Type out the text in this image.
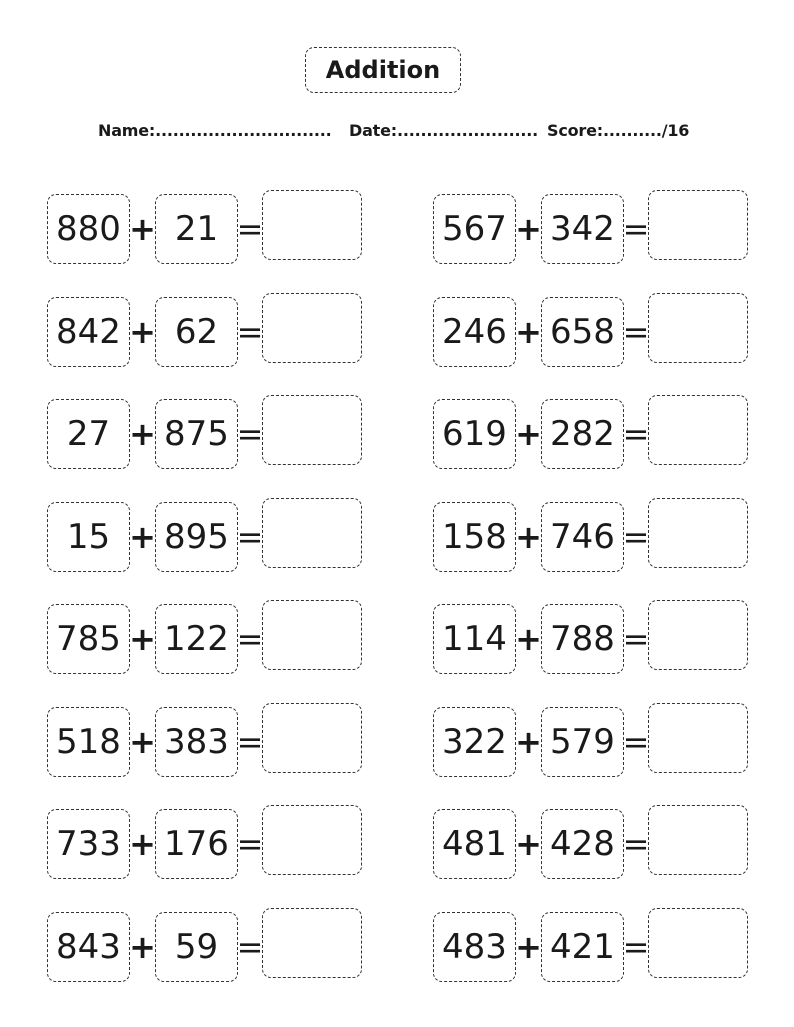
Addition
Name:.............................. Date:........................ Score:........../16
880 + 21 =
842 + 62 =
27 + 875 =
15 + 895 =
785 + 122 =
518 + 383 =
733 + 176 =
843 + 59 =
567 + 342 =
246 + 658 =
619 + 282 =
158 + 746 =
114 + 788 =
322 + 579 =
481 + 428 =
483 + 421 =
